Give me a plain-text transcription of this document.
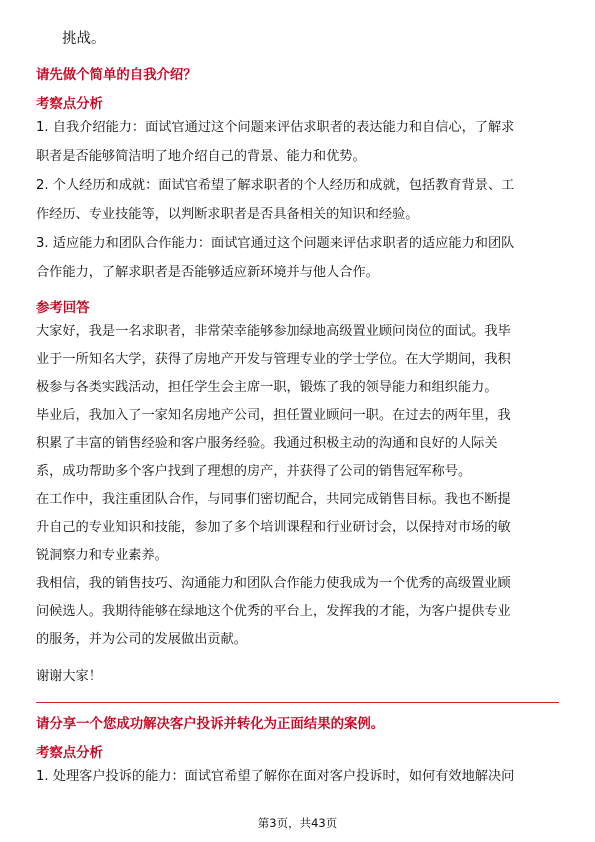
挑战。
请先做个简单的自我介绍？
考察点分析
1. 自我介绍能力：面试官通过这个问题来评估求职者的表达能力和自信心，了解求
职者是否能够简洁明了地介绍自己的背景、能力和优势。
2. 个人经历和成就：面试官希望了解求职者的个人经历和成就，包括教育背景、工
作经历、专业技能等，以判断求职者是否具备相关的知识和经验。
3. 适应能力和团队合作能力：面试官通过这个问题来评估求职者的适应能力和团队
合作能力，了解求职者是否能够适应新环境并与他人合作。
参考回答
大家好，我是一名求职者，非常荣幸能够参加绿地高级置业顾问岗位的面试。我毕
业于一所知名大学，获得了房地产开发与管理专业的学士学位。在大学期间，我积
极参与各类实践活动，担任学生会主席一职，锻炼了我的领导能力和组织能力。
毕业后，我加入了一家知名房地产公司，担任置业顾问一职。在过去的两年里，我
积累了丰富的销售经验和客户服务经验。我通过积极主动的沟通和良好的人际关
系，成功帮助多个客户找到了理想的房产，并获得了公司的销售冠军称号。
在工作中，我注重团队合作，与同事们密切配合，共同完成销售目标。我也不断提
升自己的专业知识和技能，参加了多个培训课程和行业研讨会，以保持对市场的敏
锐洞察力和专业素养。
我相信，我的销售技巧、沟通能力和团队合作能力使我成为一个优秀的高级置业顾
问候选人。我期待能够在绿地这个优秀的平台上，发挥我的才能，为客户提供专业
的服务，并为公司的发展做出贡献。
谢谢大家！
请分享一个您成功解决客户投诉并转化为正面结果的案例。
考察点分析
1. 处理客户投诉的能力：面试官希望了解你在面对客户投诉时，如何有效地解决问
第3页，共43页
